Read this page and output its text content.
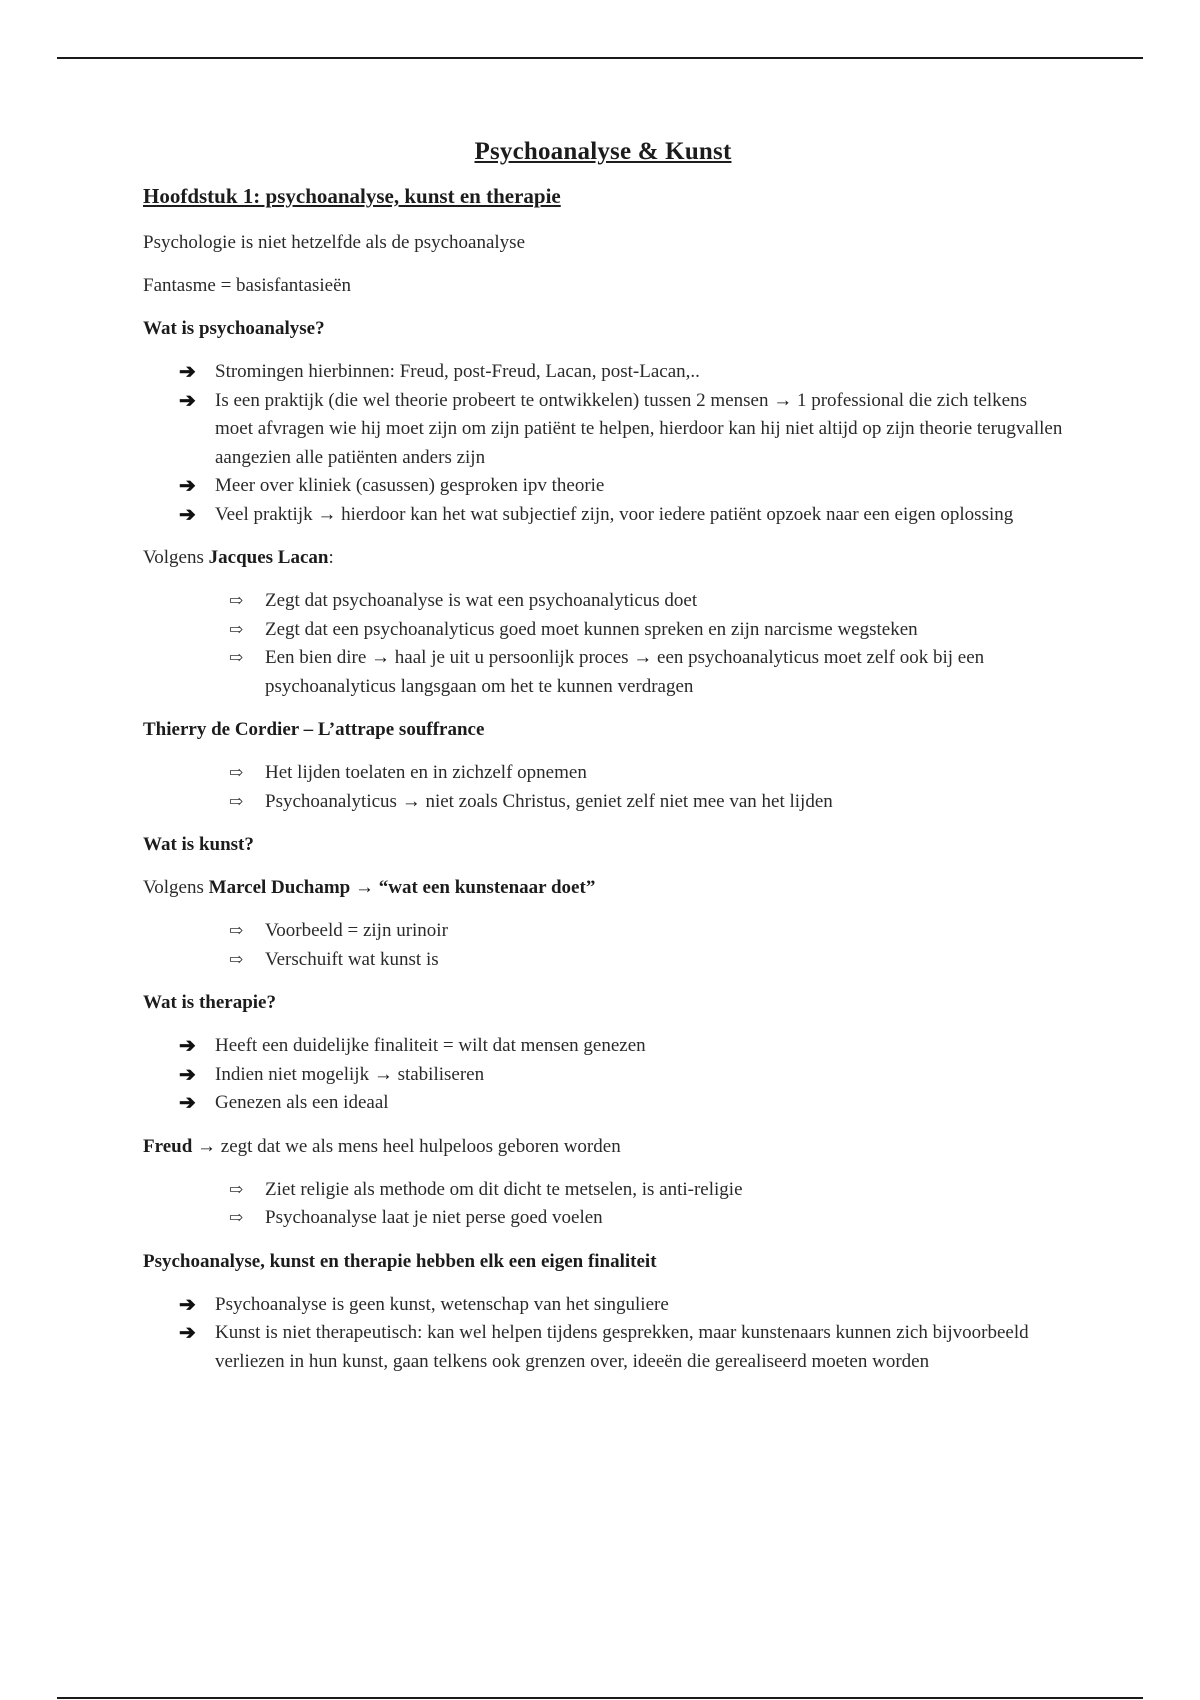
Psychoanalyse & Kunst
Hoofdstuk 1: psychoanalyse, kunst en therapie

Psychologie is niet hetzelfde als de psychoanalyse

Fantasme = basisfantasieën

Wat is psychoanalyse?

➔ Stromingen hierbinnen: Freud, post-Freud, Lacan, post-Lacan,..
➔ Is een praktijk (die wel theorie probeert te ontwikkelen) tussen 2 mensen → 1 professional die zich telkens moet afvragen wie hij moet zijn om zijn patiënt te helpen, hierdoor kan hij niet altijd op zijn theorie terugvallen aangezien alle patiënten anders zijn
➔ Meer over kliniek (casussen) gesproken ipv theorie
➔ Veel praktijk → hierdoor kan het wat subjectief zijn, voor iedere patiënt opzoek naar een eigen oplossing

Volgens Jacques Lacan:

⇨ Zegt dat psychoanalyse is wat een psychoanalyticus doet
⇨ Zegt dat een psychoanalyticus goed moet kunnen spreken en zijn narcisme wegsteken
⇨ Een bien dire → haal je uit u persoonlijk proces → een psychoanalyticus moet zelf ook bij een psychoanalyticus langsgaan om het te kunnen verdragen

Thierry de Cordier – L’attrape souffrance

⇨ Het lijden toelaten en in zichzelf opnemen
⇨ Psychoanalyticus → niet zoals Christus, geniet zelf niet mee van het lijden

Wat is kunst?

Volgens Marcel Duchamp → “wat een kunstenaar doet”

⇨ Voorbeeld = zijn urinoir
⇨ Verschuift wat kunst is

Wat is therapie?

➔ Heeft een duidelijke finaliteit = wilt dat mensen genezen
➔ Indien niet mogelijk → stabiliseren
➔ Genezen als een ideaal

Freud → zegt dat we als mens heel hulpeloos geboren worden

⇨ Ziet religie als methode om dit dicht te metselen, is anti-religie
⇨ Psychoanalyse laat je niet perse goed voelen

Psychoanalyse, kunst en therapie hebben elk een eigen finaliteit

➔ Psychoanalyse is geen kunst, wetenschap van het singuliere
➔ Kunst is niet therapeutisch: kan wel helpen tijdens gesprekken, maar kunstenaars kunnen zich bijvoorbeeld verliezen in hun kunst, gaan telkens ook grenzen over, ideeën die gerealiseerd moeten worden
